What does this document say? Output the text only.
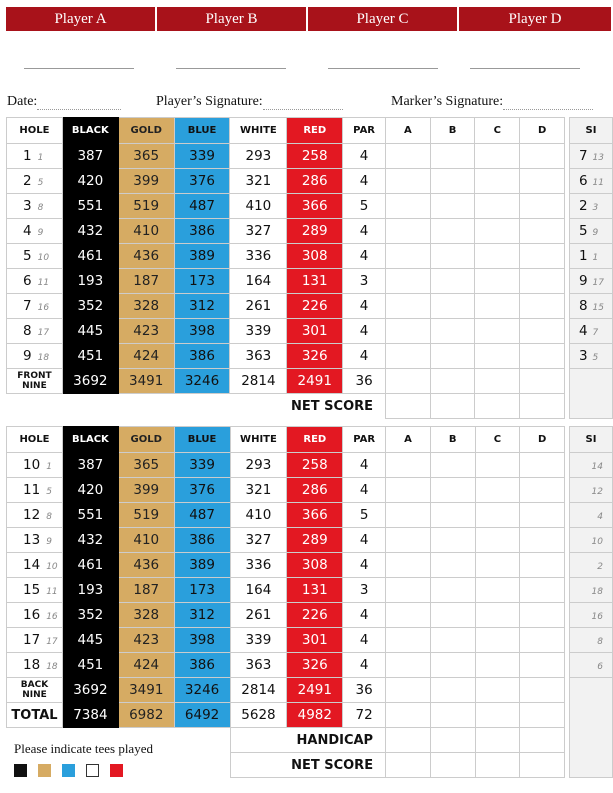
Player A	Player B	Player C	Player D
Date:	Player’s Signature:	Marker’s Signature:
HOLE	BLACK	GOLD	BLUE	WHITE	RED	PAR	A	B	C	D		SI
1 1	387	365	339	293	258	4						7 13
2 5	420	399	376	321	286	4						6 11
3 8	551	519	487	410	366	5						2 3
4 9	432	410	386	327	289	4						5 9
5 10	461	436	389	336	308	4						1 1
6 11	193	187	173	164	131	3						9 17
7 16	352	328	312	261	226	4						8 15
8 17	445	423	398	339	301	4						4 7
9 18	451	424	386	363	326	4						3 5
FRONT
NINE	3692	3491	3246	2814	2491	36						
NET SCORE												
HOLE	BLACK	GOLD	BLUE	WHITE	RED	PAR	A	B	C	D		SI
10 1	387	365	339	293	258	4						14
11 5	420	399	376	321	286	4						12
12 8	551	519	487	410	366	5						4
13 9	432	410	386	327	289	4						10
14 10	461	436	389	336	308	4						2
15 11	193	187	173	164	131	3						18
16 16	352	328	312	261	226	4						16
17 17	445	423	398	339	301	4						8
18 18	451	424	386	363	326	4						6
BACK
NINE	3692	3491	3246	2814	2491	36						
TOTAL	7384	6982	6492	5628	4982	72						
				HANDICAP								
				NET SCORE								
Please indicate tees played
